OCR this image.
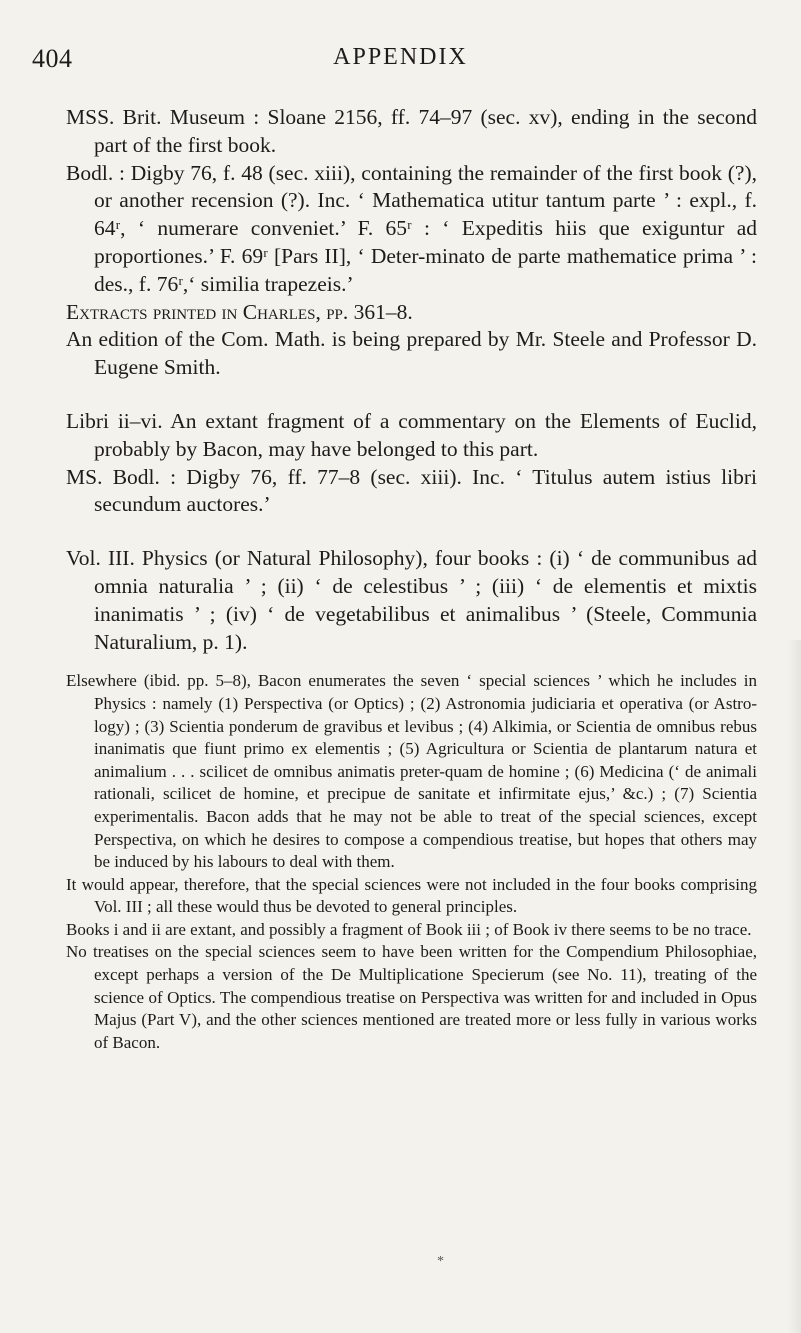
404	APPENDIX

MSS. Brit. Museum : Sloane 2156, ff. 74–97 (sec. xv), ending in the second part of the first book.

Bodl. : Digby 76, f. 48 (sec. xiii), containing the remainder of the first book (?), or another recension (?). Inc. ‘ Mathematica utitur tantum parte ’ : expl., f. 64ʳ, ‘ numerare conveniet.’ F. 65ʳ : ‘ Expeditis hiis que exiguntur ad proportiones.’ F. 69ʳ [Pars II], ‘ Deter-minato de parte mathematice prima ’ : des., f. 76ʳ,‘ similia trapezeis.’

Extracts printed in Charles, pp. 361–8.

An edition of the Com. Math. is being prepared by Mr. Steele and Professor D. Eugene Smith.

Libri ii–vi. An extant fragment of a commentary on the Elements of Euclid, probably by Bacon, may have belonged to this part.

MS. Bodl. : Digby 76, ff. 77–8 (sec. xiii). Inc. ‘ Titulus autem istius libri secundum auctores.’

Vol. III. Physics (or Natural Philosophy), four books : (i) ‘ de communibus ad omnia naturalia ’ ; (ii) ‘ de celestibus ’ ; (iii) ‘ de elementis et mixtis inanimatis ’ ; (iv) ‘ de vegetabilibus et animalibus ’ (Steele, Communia Naturalium, p. 1).

Elsewhere (ibid. pp. 5–8), Bacon enumerates the seven ‘ special sciences ’ which he includes in Physics : namely (1) Perspectiva (or Optics) ; (2) Astronomia judiciaria et operativa (or Astro-logy) ; (3) Scientia ponderum de gravibus et levibus ; (4) Alkimia, or Scientia de omnibus rebus inanimatis que fiunt primo ex elementis ; (5) Agricultura or Scientia de plantarum natura et animalium . . . scilicet de omnibus animatis preter-quam de homine ; (6) Medicina (‘ de animali rationali, scilicet de homine, et precipue de sanitate et infirmitate ejus,’ &c.) ; (7) Scientia experimentalis. Bacon adds that he may not be able to treat of the special sciences, except Perspectiva, on which he desires to compose a compendious treatise, but hopes that others may be induced by his labours to deal with them.

It would appear, therefore, that the special sciences were not included in the four books comprising Vol. III ; all these would thus be devoted to general principles.

Books i and ii are extant, and possibly a fragment of Book iii ; of Book iv there seems to be no trace.

No treatises on the special sciences seem to have been written for the Compendium Philosophiae, except perhaps a version of the De Multiplicatione Specierum (see No. 11), treating of the science of Optics. The compendious treatise on Perspectiva was written for and included in Opus Majus (Part V), and the other sciences mentioned are treated more or less fully in various works of Bacon.

*
